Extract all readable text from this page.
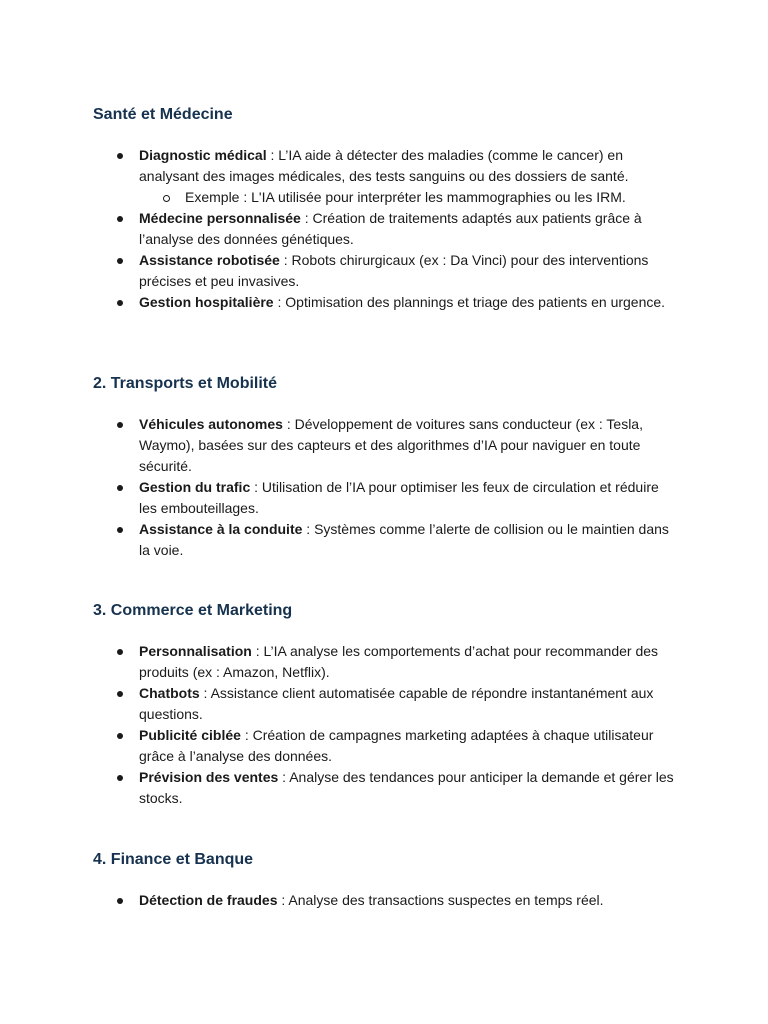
Santé et Médecine
Diagnostic médical : L’IA aide à détecter des maladies (comme le cancer) en analysant des images médicales, des tests sanguins ou des dossiers de santé.
Exemple : L'IA utilisée pour interpréter les mammographies ou les IRM.
Médecine personnalisée : Création de traitements adaptés aux patients grâce à l’analyse des données génétiques.
Assistance robotisée : Robots chirurgicaux (ex : Da Vinci) pour des interventions précises et peu invasives.
Gestion hospitalière : Optimisation des plannings et triage des patients en urgence.
2. Transports et Mobilité
Véhicules autonomes : Développement de voitures sans conducteur (ex : Tesla, Waymo), basées sur des capteurs et des algorithmes d’IA pour naviguer en toute sécurité.
Gestion du trafic : Utilisation de l’IA pour optimiser les feux de circulation et réduire les embouteillages.
Assistance à la conduite : Systèmes comme l’alerte de collision ou le maintien dans la voie.
3. Commerce et Marketing
Personnalisation : L’IA analyse les comportements d’achat pour recommander des produits (ex : Amazon, Netflix).
Chatbots : Assistance client automatisée capable de répondre instantanément aux questions.
Publicité ciblée : Création de campagnes marketing adaptées à chaque utilisateur grâce à l’analyse des données.
Prévision des ventes : Analyse des tendances pour anticiper la demande et gérer les stocks.
4. Finance et Banque
Détection de fraudes : Analyse des transactions suspectes en temps réel.
